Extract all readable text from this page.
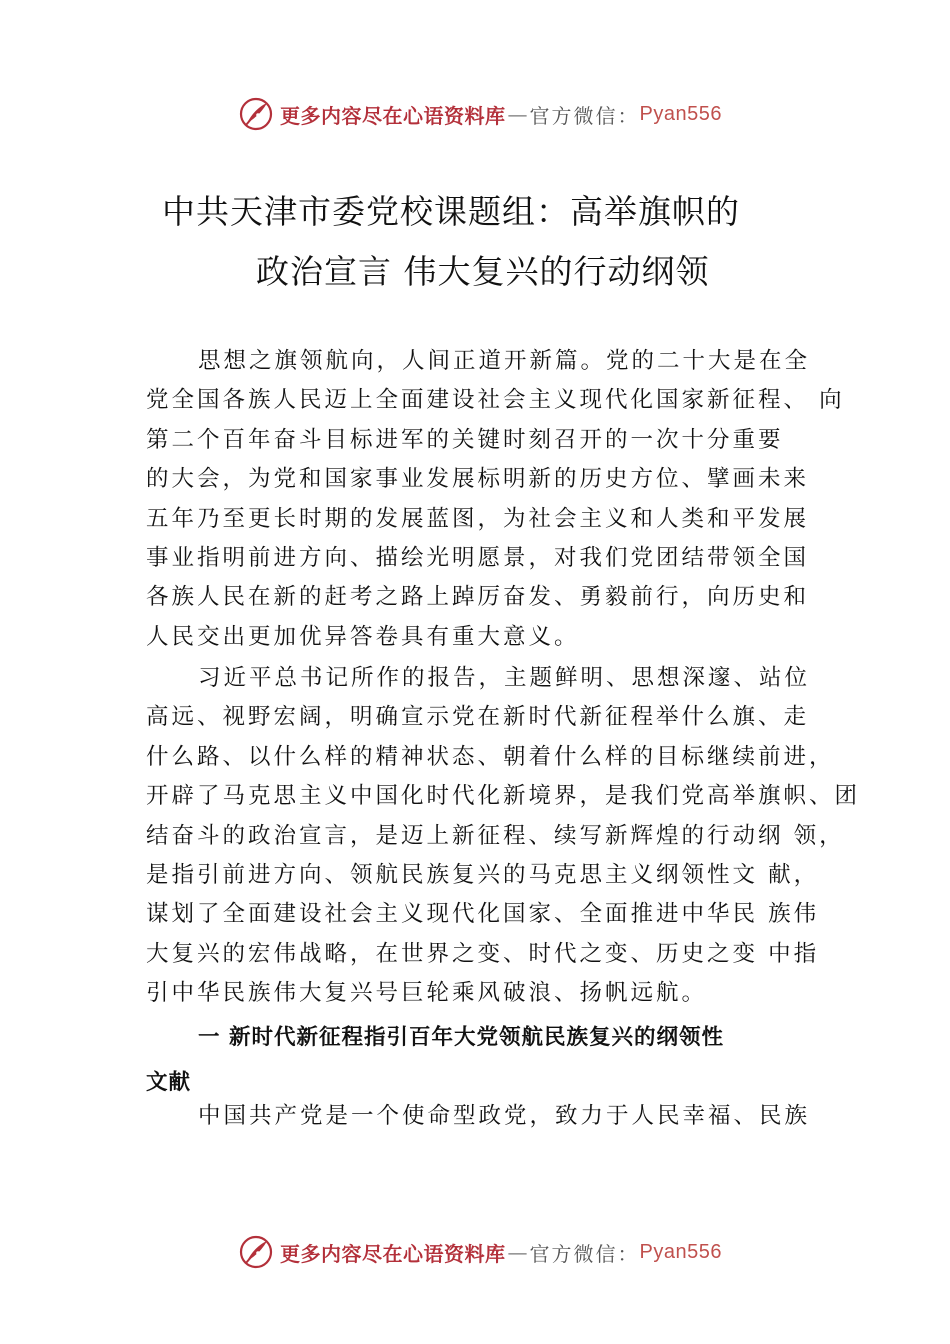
更多内容尽在心语资料库 — 官方微信： Pyan556
中共天津市委党校课题组：高举旗帜的
政治宣言 伟大复兴的行动纲领
思想之旗领航向，人间正道开新篇。党的二十大是在全
党全国各族人民迈上全面建设社会主义现代化国家新征程、 向
第二个百年奋斗目标进军的关键时刻召开的一次十分重要
的大会，为党和国家事业发展标明新的历史方位、擘画未来
五年乃至更长时期的发展蓝图，为社会主义和人类和平发展
事业指明前进方向、描绘光明愿景，对我们党团结带领全国
各族人民在新的赶考之路上踔厉奋发、勇毅前行，向历史和
人民交出更加优异答卷具有重大意义。
习近平总书记所作的报告，主题鲜明、思想深邃、站位
高远、视野宏阔，明确宣示党在新时代新征程举什么旗、走
什么路、以什么样的精神状态、朝着什么样的目标继续前进，
开辟了马克思主义中国化时代化新境界，是我们党高举旗帜、团
结奋斗的政治宣言，是迈上新征程、续写新辉煌的行动纲 领，
是指引前进方向、领航民族复兴的马克思主义纲领性文 献，
谋划了全面建设社会主义现代化国家、全面推进中华民 族伟
大复兴的宏伟战略，在世界之变、时代之变、历史之变 中指
引中华民族伟大复兴号巨轮乘风破浪、扬帆远航。
一 新时代新征程指引百年大党领航民族复兴的纲领性
文献
中国共产党是一个使命型政党，致力于人民幸福、民族
更多内容尽在心语资料库 — 官方微信： Pyan556
